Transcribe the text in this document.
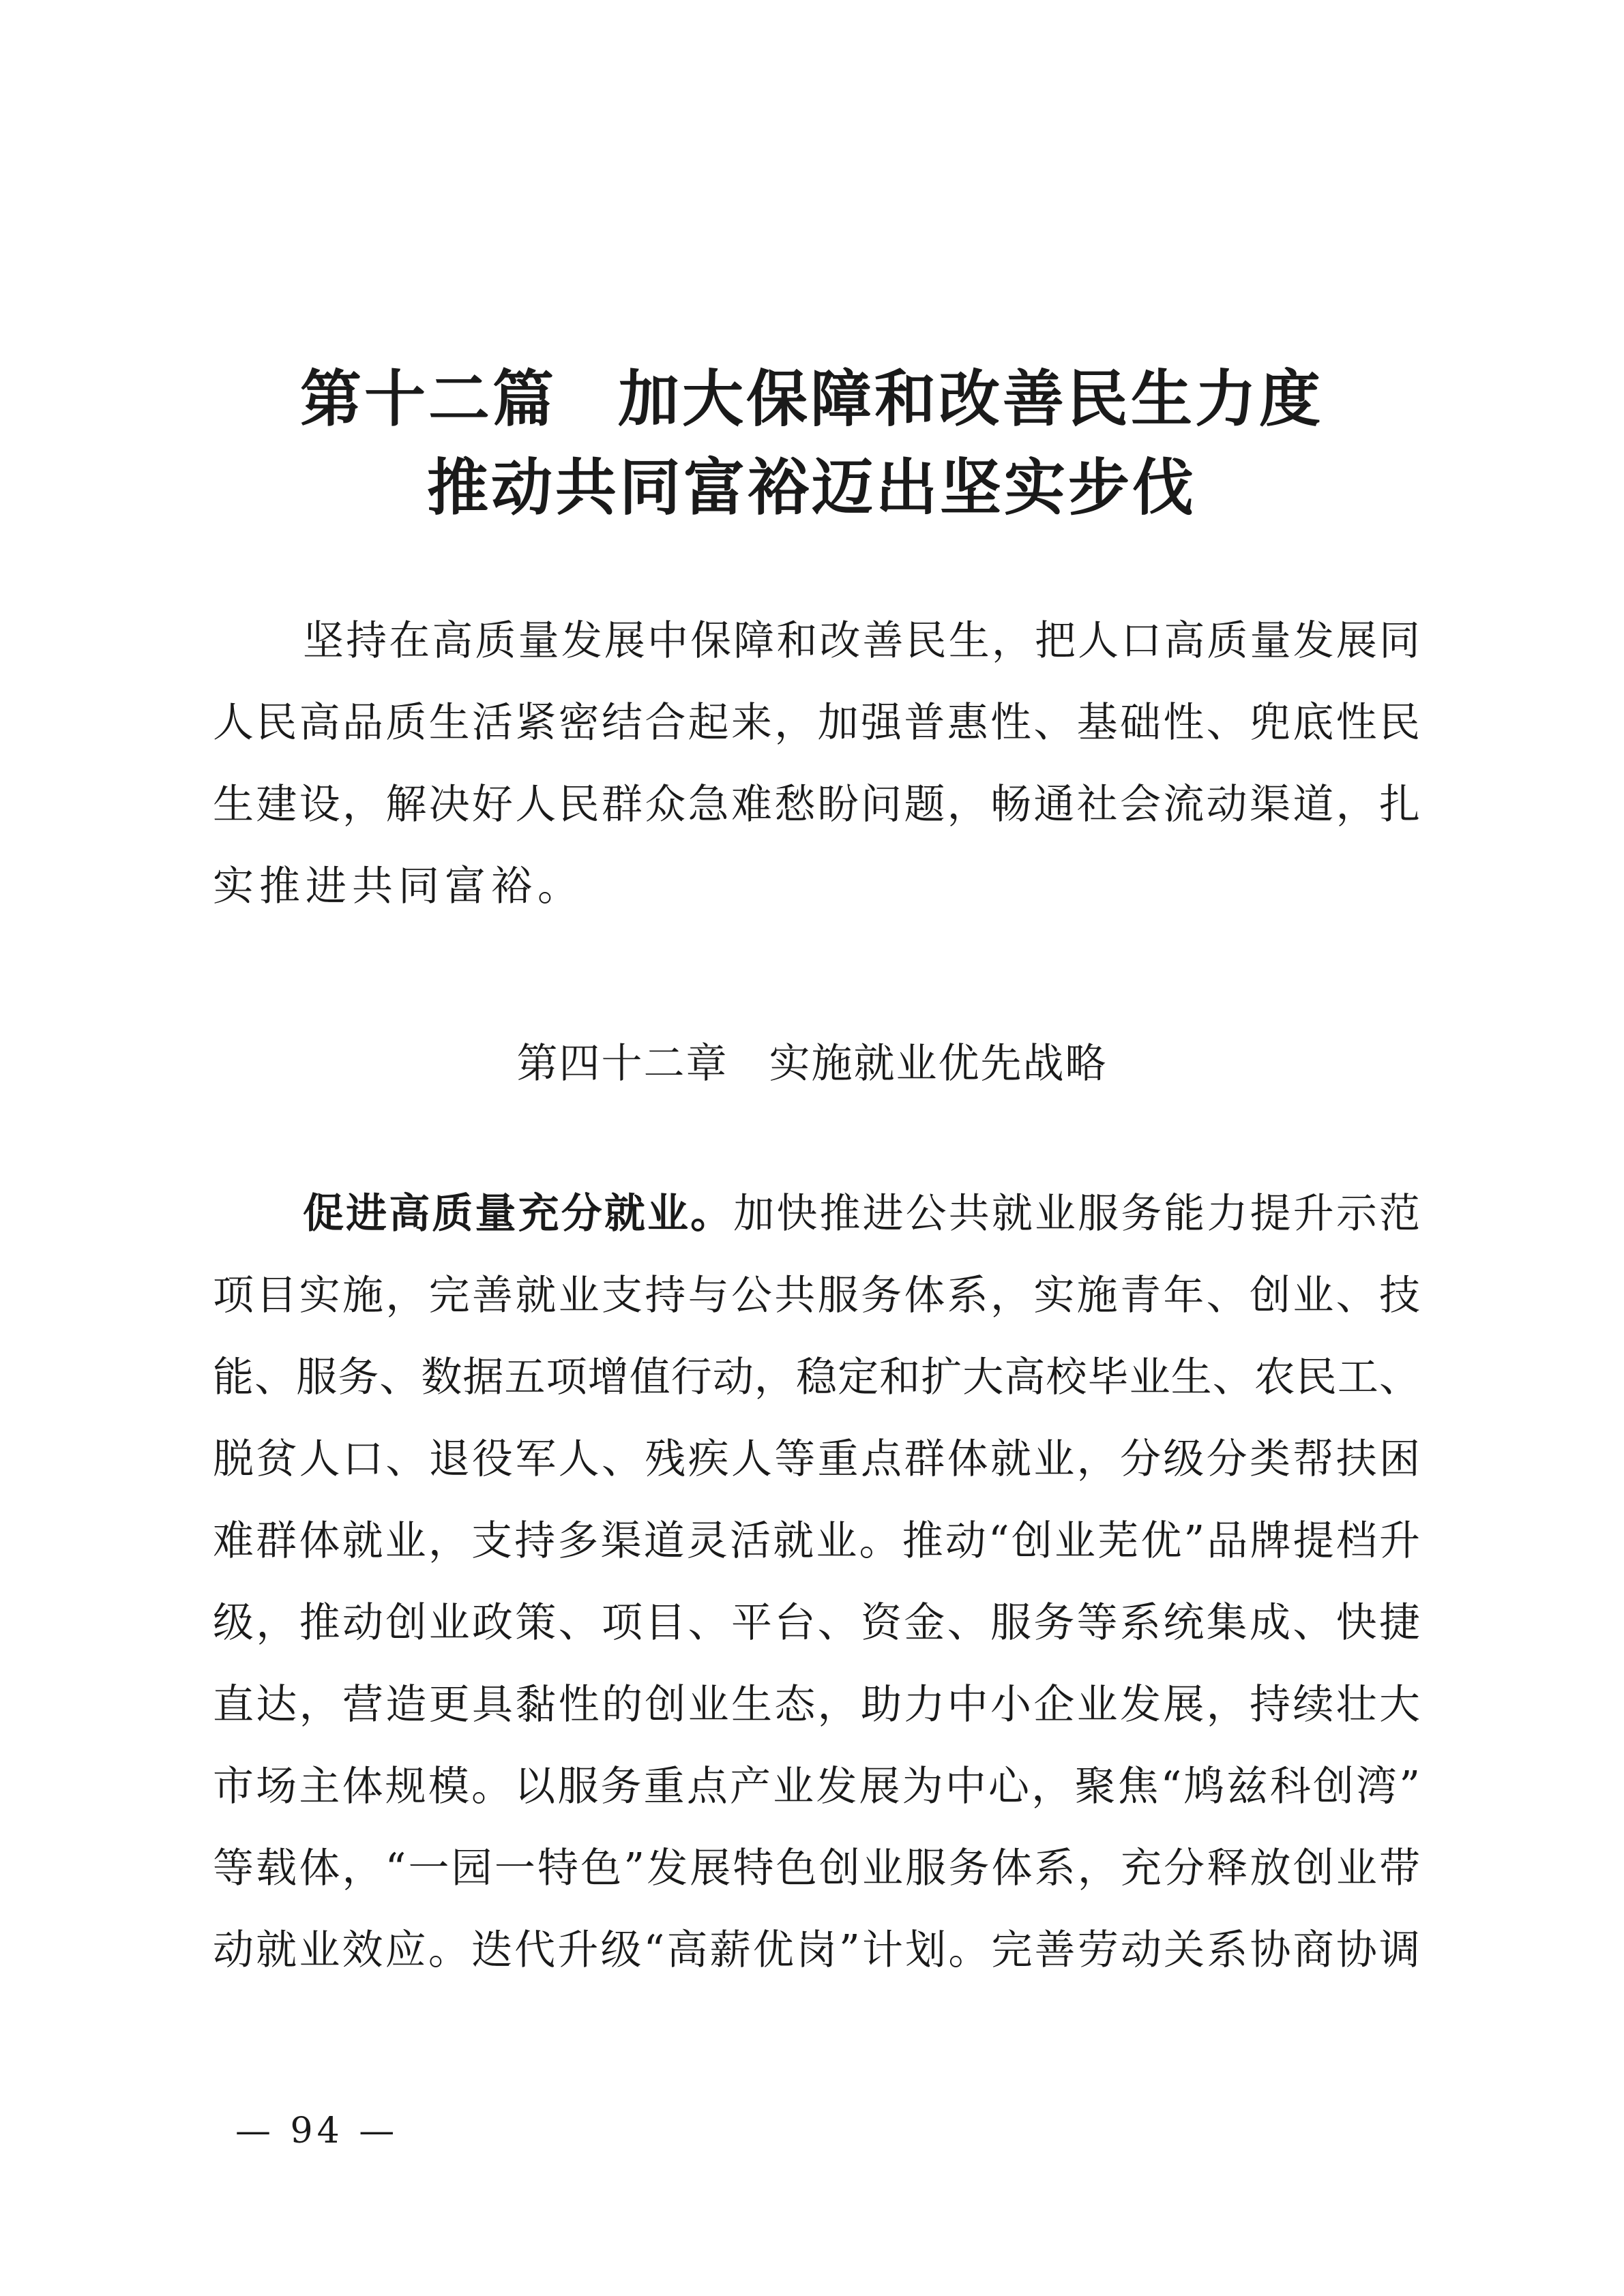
第十二篇 加大保障和改善民生力度
推动共同富裕迈出坚实步伐
坚持在高质量发展中保障和改善民生，把人口高质量发展同
人民高品质生活紧密结合起来，加强普惠性、基础性、兜底性民
生建设，解决好人民群众急难愁盼问题，畅通社会流动渠道，扎
实推进共同富裕。
第四十二章 实施就业优先战略
促进高质量充分就业。加快推进公共就业服务能力提升示范
项目实施，完善就业支持与公共服务体系，实施青年、创业、技
能、服务、数据五项增值行动，稳定和扩大高校毕业生、农民工、
脱贫人口、退役军人、残疾人等重点群体就业，分级分类帮扶困
难群体就业，支持多渠道灵活就业。推动“创业芜优”品牌提档升
级，推动创业政策、项目、平台、资金、服务等系统集成、快捷
直达，营造更具黏性的创业生态，助力中小企业发展，持续壮大
市场主体规模。以服务重点产业发展为中心，聚焦“鸠兹科创湾”
等载体，“一园一特色”发展特色创业服务体系，充分释放创业带
动就业效应。迭代升级“高薪优岗”计划。完善劳动关系协商协调
— 94 —
